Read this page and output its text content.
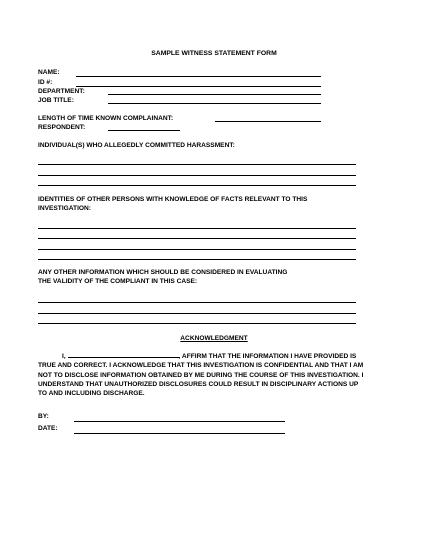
SAMPLE WITNESS STATEMENT FORM
NAME:
ID #:
DEPARTMENT:
JOB TITLE:
LENGTH OF TIME KNOWN COMPLAINANT:
RESPONDENT:
INDIVIDUAL(S) WHO ALLEGEDLY COMMITTED HARASSMENT:
IDENTITIES OF OTHER PERSONS WITH KNOWLEDGE OF FACTS RELEVANT TO THIS
INVESTIGATION:
ANY OTHER INFORMATION WHICH SHOULD BE CONSIDERED IN EVALUATING
THE VALIDITY OF THE COMPLIANT IN THIS CASE:
ACKNOWLEDGMENT
I,	, AFFIRM THAT THE INFORMATION I HAVE PROVIDED IS TRUE AND CORRECT. I ACKNOWLEDGE THAT THIS INVESTIGATION IS CONFIDENTIAL AND THAT I AM NOT TO DISCLOSE INFORMATION OBTAINED BY ME DURING THE COURSE OF THIS INVESTIGATION. I UNDERSTAND THAT UNAUTHORIZED DISCLOSURES COULD RESULT IN DISCIPLINARY ACTIONS UP TO AND INCLUDING DISCHARGE.
BY:
DATE:
